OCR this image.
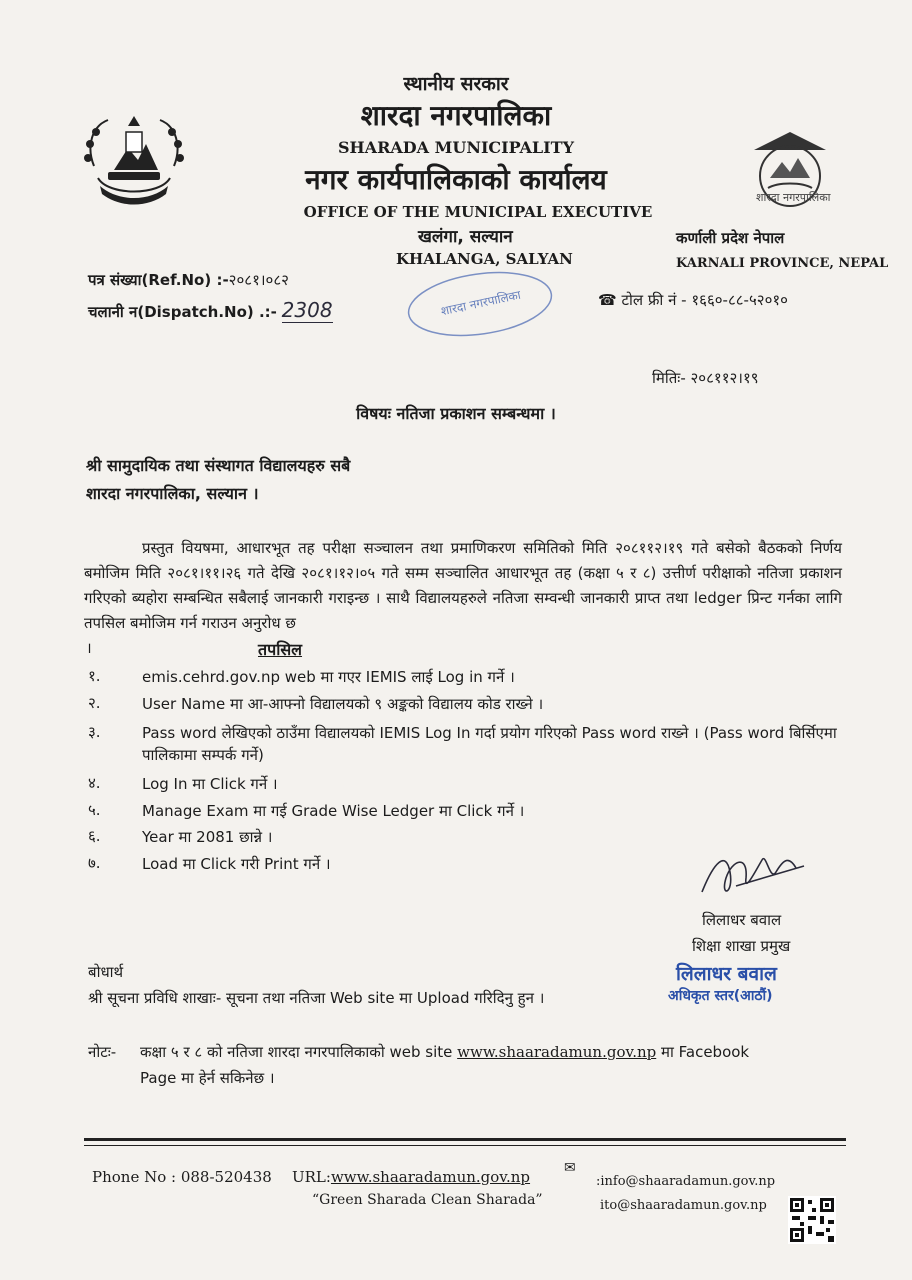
स्थानीय सरकार
शारदा नगरपालिका
SHARADA MUNICIPALITY
नगर कार्यपालिकाको कार्यालय
OFFICE OF THE MUNICIPAL EXECUTIVE
खलंगा, सल्यान
KHALANGA, SALYAN
शारदा नगरपालिका
कर्णाली प्रदेश नेपाल
KARNALI PROVINCE, NEPAL
पत्र संख्या(Ref.No) :-२०८१।०८२
चलानी न(Dispatch.No) .:- 2308	शारदा नगरपालिका	☎ टोल फ्री नं - १६६०-८८-५२०१०
मितिः- २०८११२।१९
विषयः नतिजा प्रकाशन सम्बन्धमा ।
श्री सामुदायिक तथा संस्थागत विद्यालयहरु सबै
शारदा नगरपालिका, सल्यान ।
प्रस्तुत वियषमा, आधारभूत तह परीक्षा सञ्चालन तथा प्रमाणिकरण समितिको मिति २०८११२।१९ गते बसेको बैठकको निर्णय बमोजिम मिति २०८१।११।२६ गते देखि २०८१।१२।०५ गते सम्म सञ्चालित आधारभूत तह (कक्षा ५ र ८) उत्तीर्ण परीक्षाको नतिजा प्रकाशन गरिएको ब्यहोरा सम्बन्धित सबैलाई जानकारी गराइन्छ । साथै विद्यालयहरुले नतिजा सम्वन्धी जानकारी प्राप्त तथा ledger प्रिन्ट गर्नका लागि तपसिल बमोजिम गर्न गराउन अनुरोध छ
।	तपसिल
१.	emis.cehrd.gov.np web मा गएर IEMIS लाई Log in गर्ने ।
२.	User Name मा आ-आफ्नो विद्यालयको ९ अङ्कको विद्यालय कोड राख्ने ।
३.	Pass word लेखिएको ठाउँमा विद्यालयको IEMIS Log In गर्दा प्रयोग गरिएको Pass word राख्ने । (Pass word बिर्सिएमा पालिकामा सम्पर्क गर्ने)
४.	Log In मा Click गर्ने ।
५.	Manage Exam मा गई Grade Wise Ledger मा Click गर्ने ।
६.	Year मा 2081 छान्ने ।
७.	Load मा Click गरी Print गर्ने ।
लिलाधर बवाल
शिक्षा शाखा प्रमुख
लिलाधर बवाल
अधिकृत स्तर(आठौं)
बोधार्थ
श्री सूचना प्रविधि शाखाः- सूचना तथा नतिजा Web site मा Upload गरिदिनु हुन ।
नोटः- कक्षा ५ र ८ को नतिजा शारदा नगरपालिकाको web site www.shaaradamun.gov.np मा Facebook
Page मा हेर्न सकिनेछ ।
Phone No : 088-520438 URL:www.shaaradamun.gov.np
“Green Sharada Clean Sharada”
✉
:info@shaaradamun.gov.np
ito@shaaradamun.gov.np
